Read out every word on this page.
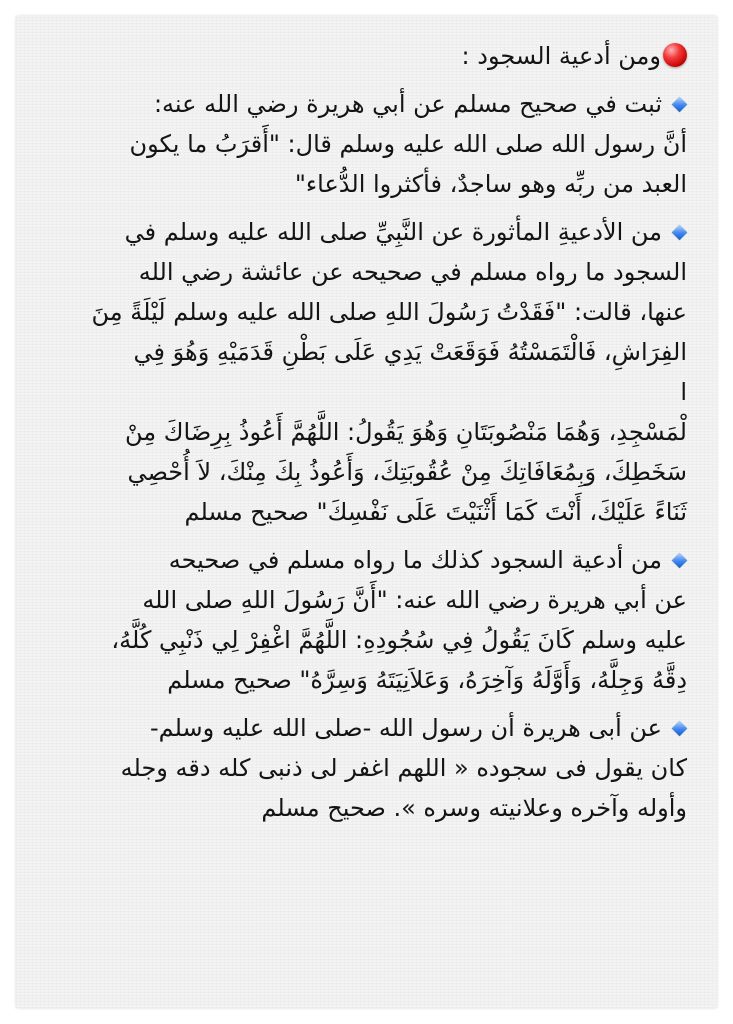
ومن أدعية السجود :
ثبت في صحيح مسلم عن أبي هريرة رضي الله عنه:
أنَّ رسول الله صلى الله عليه وسلم قال: "أَقرَبُ ما يكون
العبد من ربِّه وهو ساجدٌ، فأكثروا الدُّعاء"
من الأدعيةِ المأثورة عن النَّبِيِّ صلى الله عليه وسلم في
السجود ما رواه مسلم في صحيحه عن عائشة رضي الله
عنها، قالت: "فَقَدْتُ رَسُولَ اللهِ صلى الله عليه وسلم لَيْلَةً مِنَ
الفِرَاشِ، فَالْتَمَسْتُهُ فَوَقَعَتْ يَدِي عَلَى بَطْنِ قَدَمَيْهِ وَهُوَ فِي
ا
لْمَسْجِدِ، وَهُمَا مَنْصُوبَتَانِ وَهُوَ يَقُولُ: اللَّهُمَّ أَعُوذُ بِرِضَاكَ مِنْ
سَخَطِكَ، وَبِمُعَافَاتِكَ مِنْ عُقُوبَتِكَ، وَأَعُوذُ بِكَ مِنْكَ، لاَ أُحْصِي
ثَنَاءً عَلَيْكَ، أَنْتَ كَمَا أَثْنَيْتَ عَلَى نَفْسِكَ" صحيح مسلم
من أدعية السجود كذلك ما رواه مسلم في صحيحه
عن أبي هريرة رضي الله عنه: "أَنَّ رَسُولَ اللهِ صلى الله
عليه وسلم كَانَ يَقُولُ فِي سُجُودِهِ: اللَّهُمَّ اغْفِرْ لِي ذَنْبِي كُلَّهُ،
دِقَّهُ وَجِلَّهُ، وَأَوَّلَهُ وَآخِرَهُ، وَعَلاَنِيَتَهُ وَسِرَّهُ" صحيح مسلم
عن أبى هريرة أن رسول الله -صلى الله عليه وسلم-
كان يقول فى سجوده « اللهم اغفر لى ذنبى كله دقه وجله
وأوله وآخره وعلانيته وسره ». صحيح مسلم
